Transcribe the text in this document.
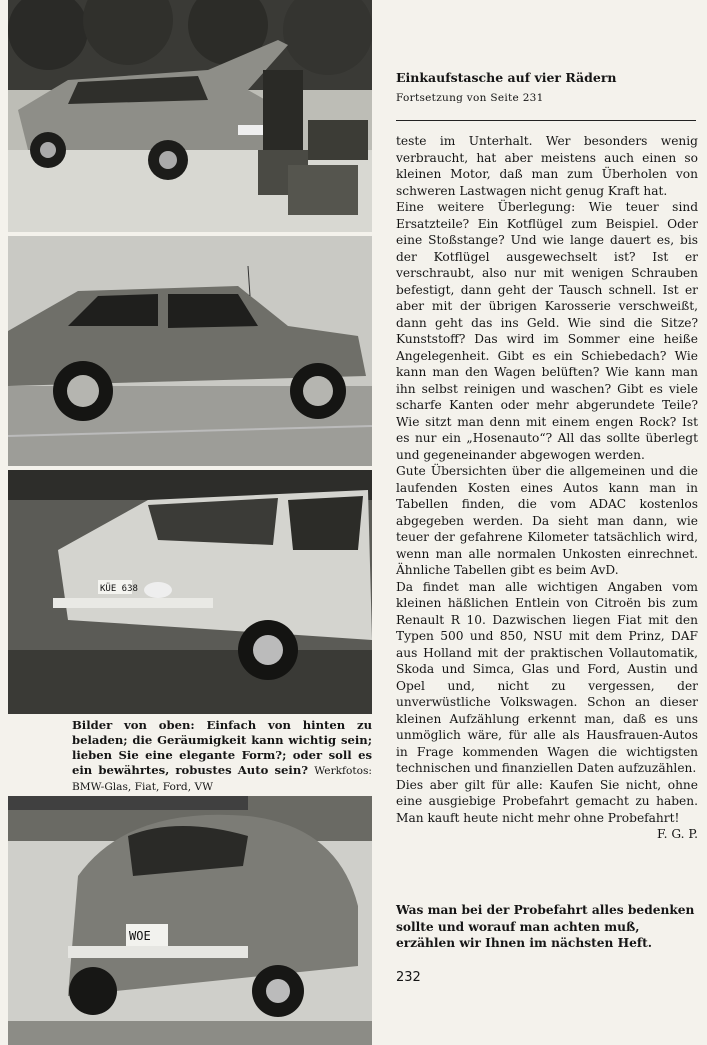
KÜE 638
WOE

Bilder von oben: Einfach von hinten zu beladen; die Geräumigkeit kann wichtig sein; lieben Sie eine elegante Form?; oder soll es ein bewährtes, robustes Auto sein? Werkfotos: BMW-Glas, Fiat, Ford, VW

Einkaufstasche auf vier Rädern

Fortsetzung von Seite 231

teste im Unterhalt. Wer besonders wenig verbraucht, hat aber meistens auch einen so kleinen Motor, daß man zum Überholen von schweren Lastwagen nicht genug Kraft hat.

Eine weitere Überlegung: Wie teuer sind Ersatzteile? Ein Kotflügel zum Beispiel. Oder eine Stoßstange? Und wie lange dauert es, bis der Kotflügel ausgewechselt ist? Ist er verschraubt, also nur mit wenigen Schrauben befestigt, dann geht der Tausch schnell. Ist er aber mit der übrigen Karosserie verschweißt, dann geht das ins Geld. Wie sind die Sitze? Kunststoff? Das wird im Sommer eine heiße Angelegenheit. Gibt es ein Schiebedach? Wie kann man den Wagen belüften? Wie kann man ihn selbst reinigen und waschen? Gibt es viele scharfe Kanten oder mehr abgerundete Teile? Wie sitzt man denn mit einem engen Rock? Ist es nur ein „Hosenauto“? All das sollte überlegt und gegeneinander abgewogen werden.

Gute Übersichten über die allgemeinen und die laufenden Kosten eines Autos kann man in Tabellen finden, die vom ADAC kostenlos abgegeben werden. Da sieht man dann, wie teuer der gefahrene Kilometer tatsächlich wird, wenn man alle normalen Unkosten einrechnet. Ähnliche Tabellen gibt es beim AvD.

Da findet man alle wichtigen Angaben vom kleinen häßlichen Entlein von Citroën bis zum Renault R 10. Dazwischen liegen Fiat mit den Typen 500 und 850, NSU mit dem Prinz, DAF aus Holland mit der praktischen Vollautomatik, Skoda und Simca, Glas und Ford, Austin und Opel und, nicht zu vergessen, der unverwüstliche Volkswagen. Schon an dieser kleinen Aufzählung erkennt man, daß es uns unmöglich wäre, für alle als Hausfrauen-Autos in Frage kommenden Wagen die wichtigsten technischen und finanziellen Daten aufzuzählen.

Dies aber gilt für alle: Kaufen Sie nicht, ohne eine ausgiebige Probefahrt gemacht zu haben. Man kauft heute nicht mehr ohne Probefahrt!

F. G. P.

Was man bei der Probefahrt alles bedenken sollte und worauf man achten muß, erzählen wir Ihnen im nächsten Heft.

232
